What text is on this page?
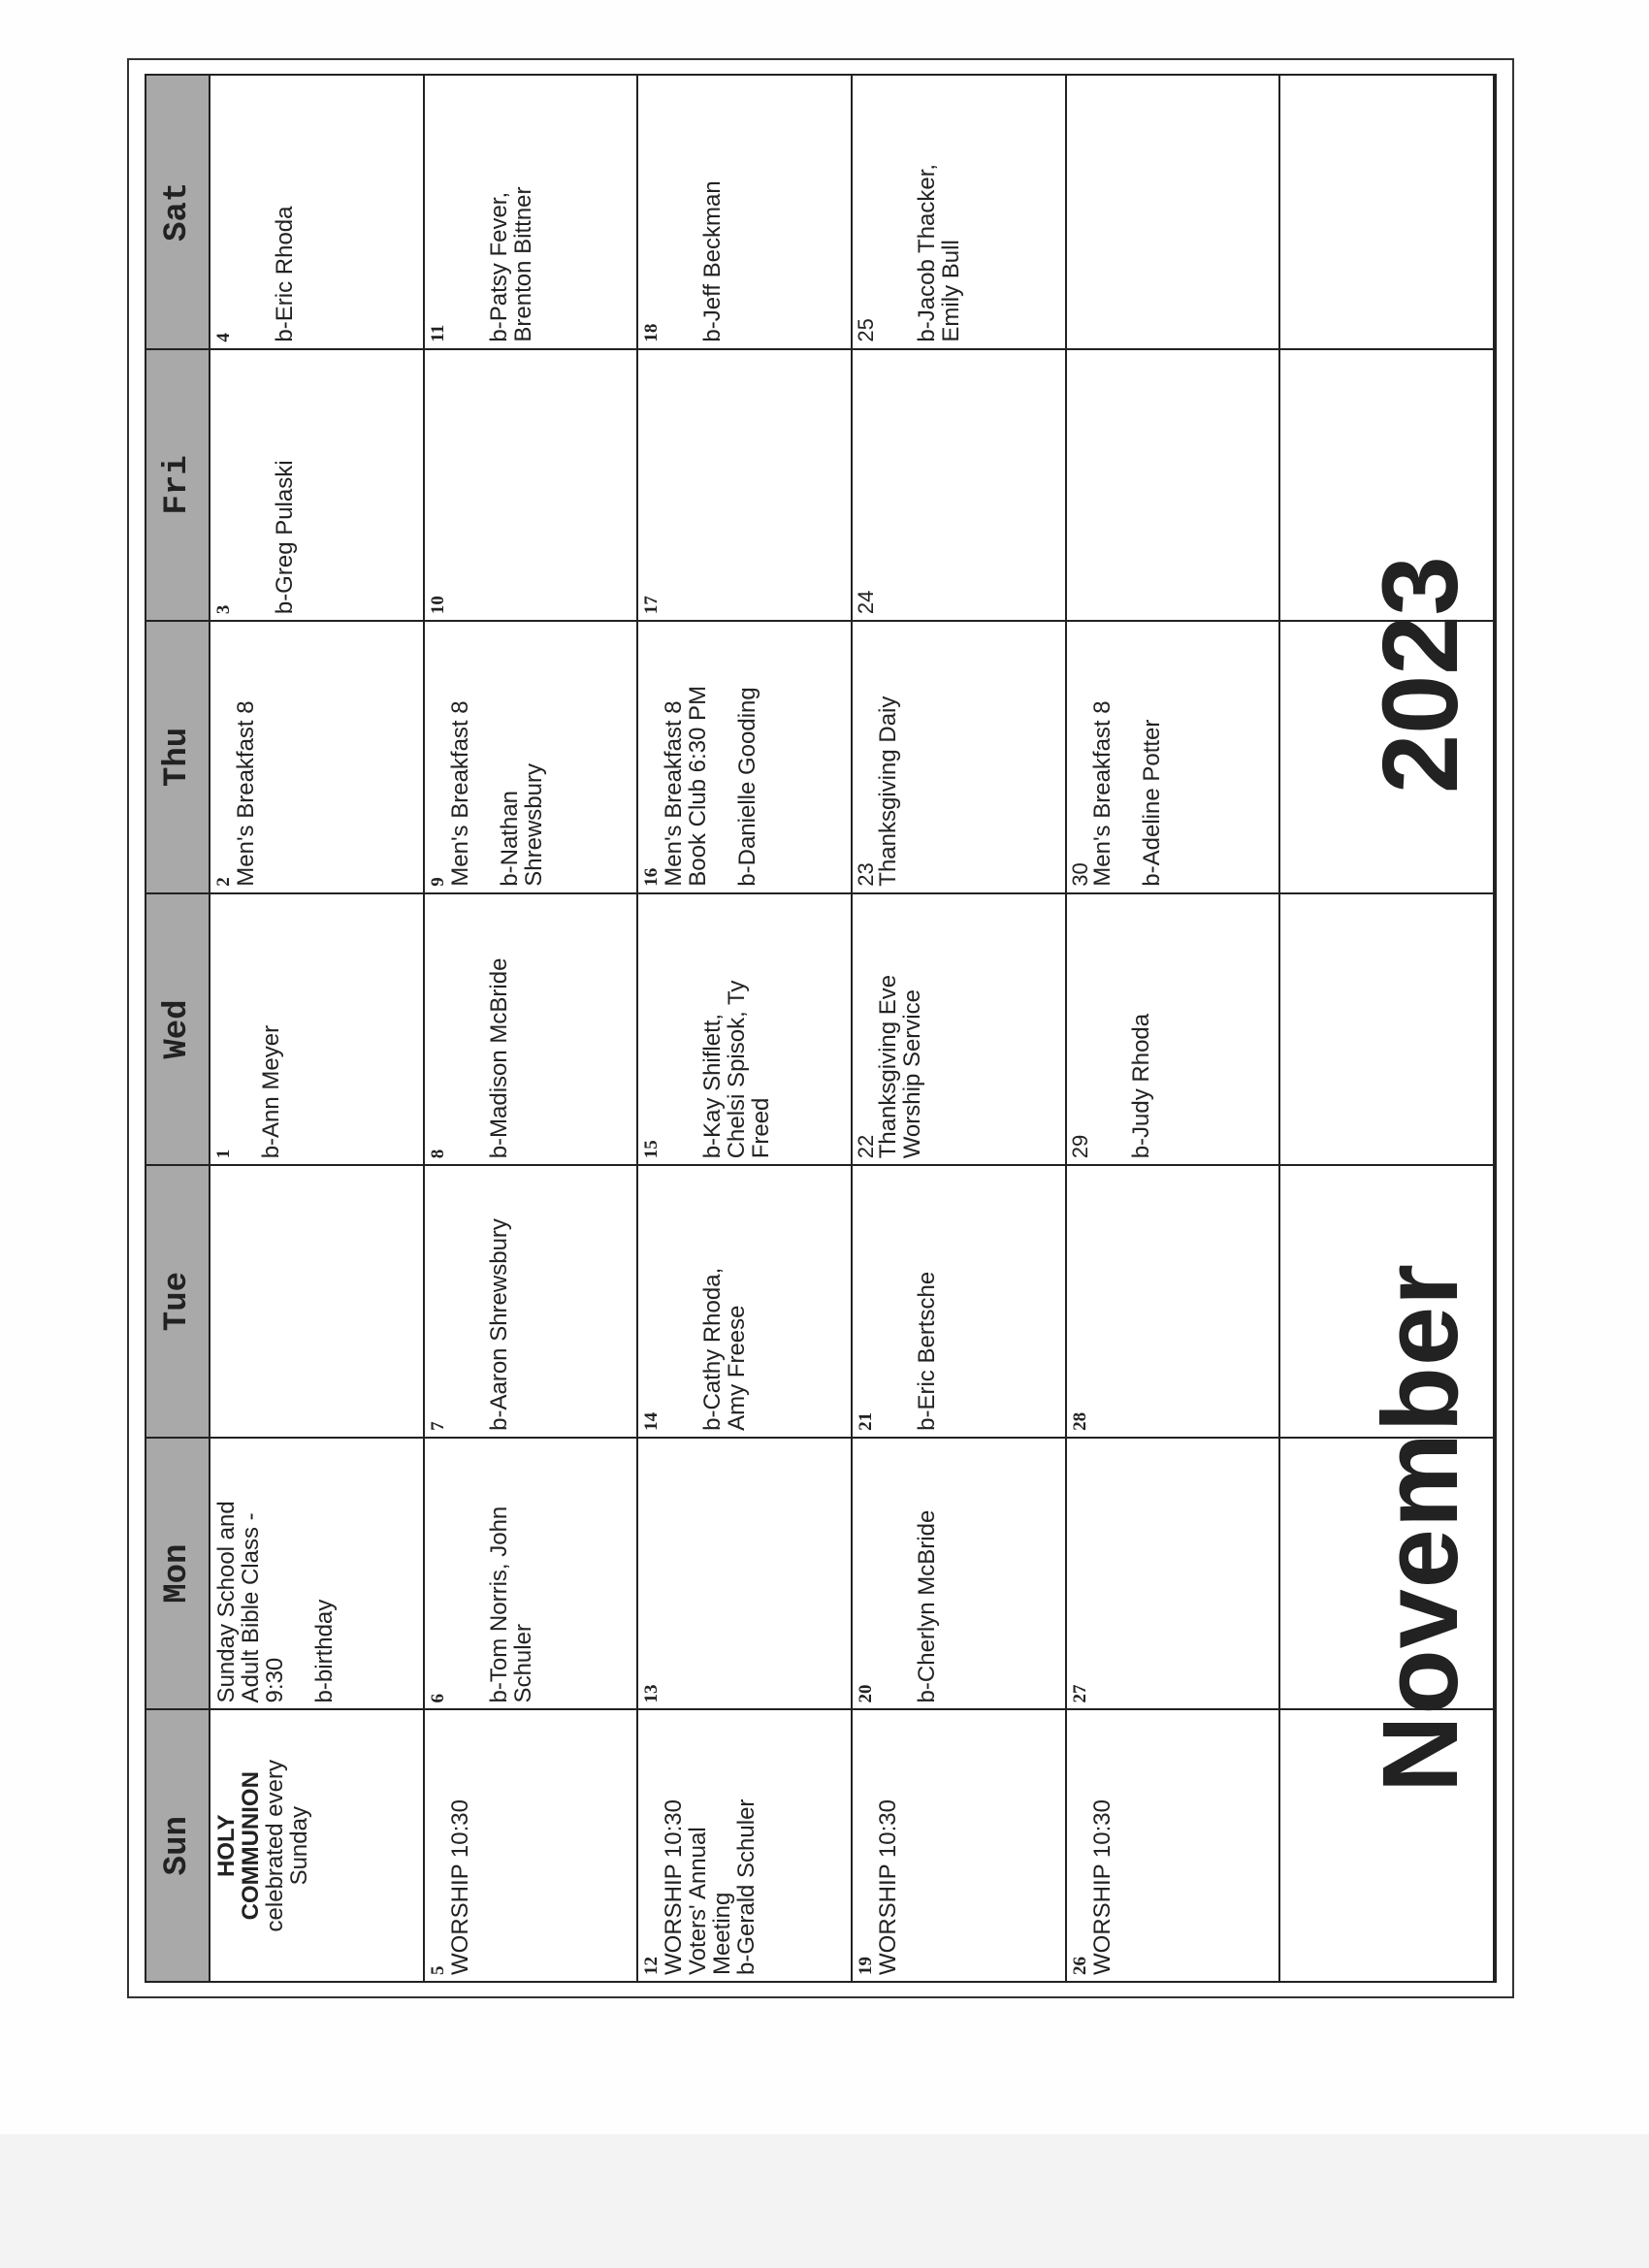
Sun
Mon
Tue
Wed
Thu
Fri
Sat
HOLY
COMMUNION
celebrated every
Sunday
Sunday School and
Adult Bible Class -
9:30 b-birthday
1 b-Ann Meyer
2 Men's Breakfast 8
3 b-Greg Pulaski
4 b-Eric Rhoda
5 WORSHIP 10:30
6 b-Tom Norris, John
Schuler
7 b-Aaron Shrewsbury
8 b-Madison McBride
9 Men's Breakfast 8 b-Nathan
Shrewsbury
10
11 b-Patsy Fever,
Brenton Bittner
12 WORSHIP 10:30
Voters' Annual
Meeting
b-Gerald Schuler
13
14 b-Cathy Rhoda,
Amy Freese
15 b-Kay Shiflett,
Chelsi Spisok, Ty
Freed
16 Men's Breakfast 8
Book Club 6:30 PM b-Danielle Gooding
17
18 b-Jeff Beckman
19 WORSHIP 10:30
20 b-Cherlyn McBride
21 b-Eric Bertsche
22
Thanksgiving Eve
Worship Service
23
Thanksgiving Daiy
24
25 b-Jacob Thacker,
Emily Bull
26 WORSHIP 10:30
27
28
29 b-Judy Rhoda
30
Men's Breakfast 8 b-Adeline Potter
November
2023
